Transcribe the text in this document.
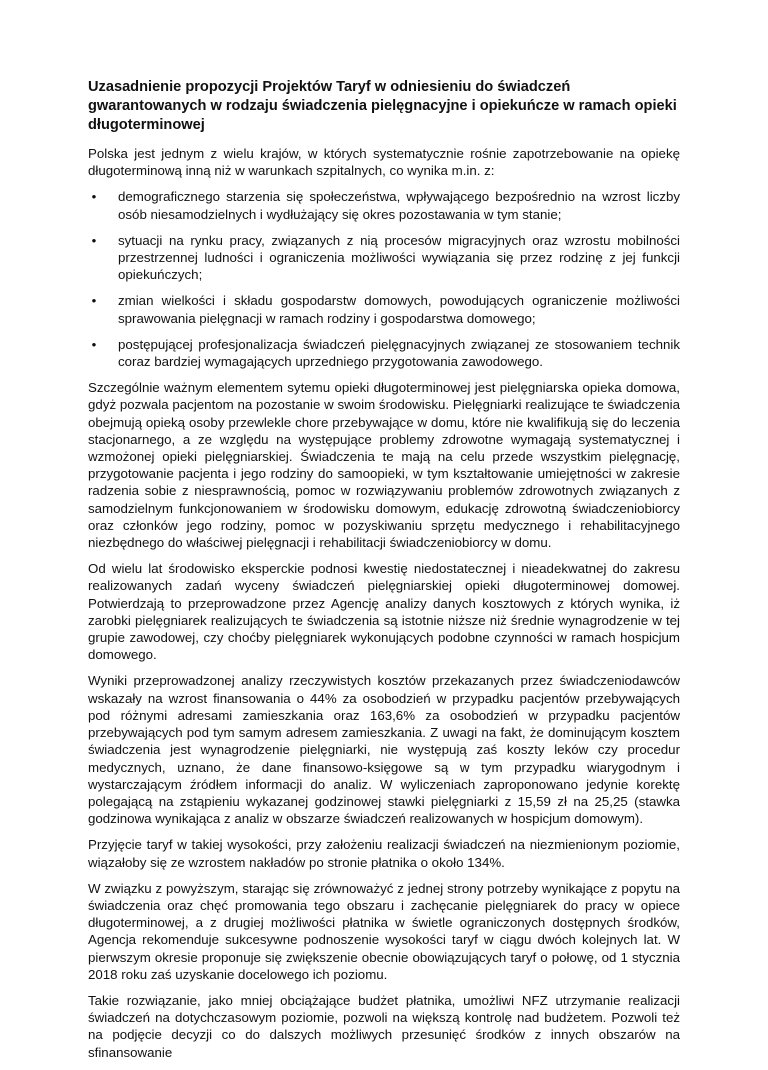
Uzasadnienie propozycji Projektów Taryf w odniesieniu do świadczeń gwarantowanych w rodzaju świadczenia pielęgnacyjne i opiekuńcze w ramach opieki długoterminowej

Polska jest jednym z wielu krajów, w których systematycznie rośnie zapotrzebowanie na opiekę długoterminową inną niż w warunkach szpitalnych, co wynika m.in. z:

• demograficznego starzenia się społeczeństwa, wpływającego bezpośrednio na wzrost liczby osób niesamodzielnych i wydłużający się okres pozostawania w tym stanie;
• sytuacji na rynku pracy, związanych z nią procesów migracyjnych oraz wzrostu mobilności przestrzennej ludności i ograniczenia możliwości wywiązania się przez rodzinę z jej funkcji opiekuńczych;
• zmian wielkości i składu gospodarstw domowych, powodujących ograniczenie możliwości sprawowania pielęgnacji w ramach rodziny i gospodarstwa domowego;
• postępującej profesjonalizacja świadczeń pielęgnacyjnych związanej ze stosowaniem technik coraz bardziej wymagających uprzedniego przygotowania zawodowego.

Szczególnie ważnym elementem sytemu opieki długoterminowej jest pielęgniarska opieka domowa, gdyż pozwala pacjentom na pozostanie w swoim środowisku. Pielęgniarki realizujące te świadczenia obejmują opieką osoby przewlekle chore przebywające w domu, które nie kwalifikują się do leczenia stacjonarnego, a ze względu na występujące problemy zdrowotne wymagają systematycznej i wzmożonej opieki pielęgniarskiej. Świadczenia te mają na celu przede wszystkim pielęgnację, przygotowanie pacjenta i jego rodziny do samoopieki, w tym kształtowanie umiejętności w zakresie radzenia sobie z niesprawnością, pomoc w rozwiązywaniu problemów zdrowotnych związanych z samodzielnym funkcjonowaniem w środowisku domowym, edukację zdrowotną świadczeniobiorcy oraz członków jego rodziny, pomoc w pozyskiwaniu sprzętu medycznego i rehabilitacyjnego niezbędnego do właściwej pielęgnacji i rehabilitacji świadczeniobiorcy w domu.

Od wielu lat środowisko eksperckie podnosi kwestię niedostatecznej i nieadekwatnej do zakresu realizowanych zadań wyceny świadczeń pielęgniarskiej opieki długoterminowej domowej. Potwierdzają to przeprowadzone przez Agencję analizy danych kosztowych z których wynika, iż zarobki pielęgniarek realizujących te świadczenia są istotnie niższe niż średnie wynagrodzenie w tej grupie zawodowej, czy choćby pielęgniarek wykonujących podobne czynności w ramach hospicjum domowego.

Wyniki przeprowadzonej analizy rzeczywistych kosztów przekazanych przez świadczeniodawców wskazały na wzrost finansowania o 44% za osobodzień w przypadku pacjentów przebywających pod różnymi adresami zamieszkania oraz 163,6% za osobodzień w przypadku pacjentów przebywających pod tym samym adresem zamieszkania. Z uwagi na fakt, że dominującym kosztem świadczenia jest wynagrodzenie pielęgniarki, nie występują zaś koszty leków czy procedur medycznych, uznano, że dane finansowo-księgowe są w tym przypadku wiarygodnym i wystarczającym źródłem informacji do analiz. W wyliczeniach zaproponowano jedynie korektę polegającą na zstąpieniu wykazanej godzinowej stawki pielęgniarki z 15,59 zł na 25,25 (stawka godzinowa wynikająca z analiz w obszarze świadczeń realizowanych w hospicjum domowym).

Przyjęcie taryf w takiej wysokości, przy założeniu realizacji świadczeń na niezmienionym poziomie, wiązałoby się ze wzrostem nakładów po stronie płatnika o około 134%.

W związku z powyższym, starając się zrównoważyć z jednej strony potrzeby wynikające z popytu na świadczenia oraz chęć promowania tego obszaru i zachęcanie pielęgniarek do pracy w opiece długoterminowej, a z drugiej możliwości płatnika w świetle ograniczonych dostępnych środków, Agencja rekomenduje sukcesywne podnoszenie wysokości taryf w ciągu dwóch kolejnych lat. W pierwszym okresie proponuje się zwiększenie obecnie obowiązujących taryf o połowę, od 1 stycznia 2018 roku zaś uzyskanie docelowego ich poziomu.

Takie rozwiązanie, jako mniej obciążające budżet płatnika, umożliwi NFZ utrzymanie realizacji świadczeń na dotychczasowym poziomie, pozwoli na większą kontrolę nad budżetem. Pozwoli też na podjęcie decyzji co do dalszych możliwych przesunięć środków z innych obszarów na sfinansowanie
